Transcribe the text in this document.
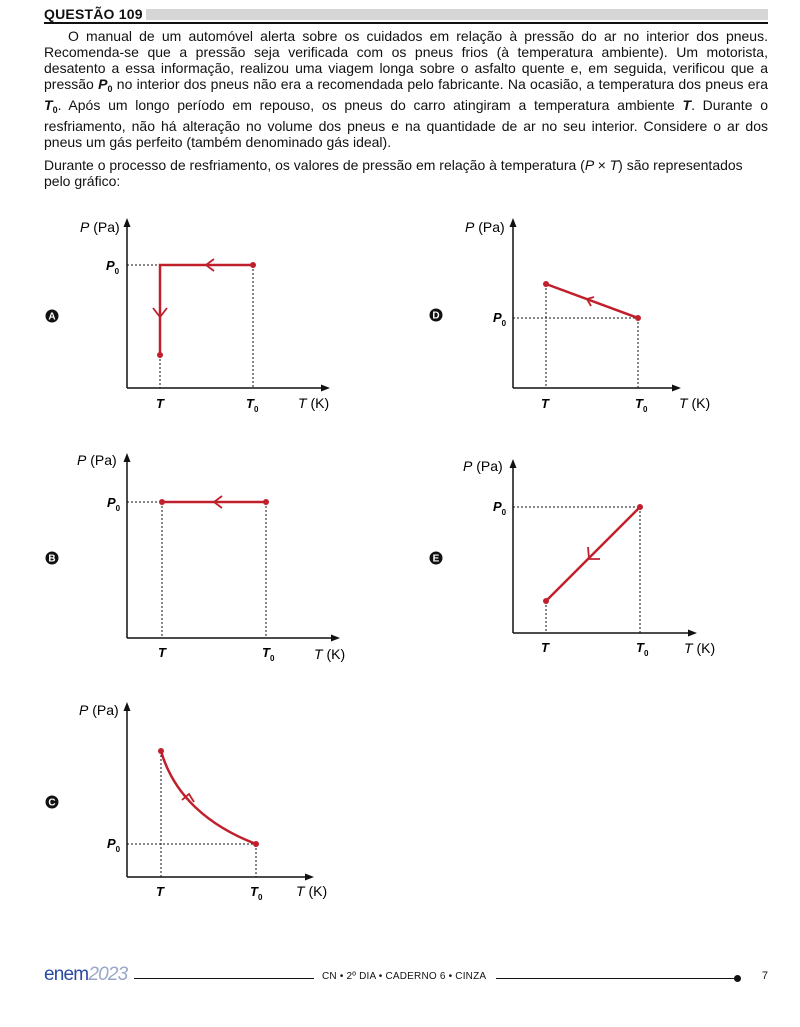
QUESTÃO 109

O manual de um automóvel alerta sobre os cuidados em relação à pressão do ar no interior dos pneus. Recomenda-se que a pressão seja verificada com os pneus frios (à temperatura ambiente). Um motorista, desatento a essa informação, realizou uma viagem longa sobre o asfalto quente e, em seguida, verificou que a pressão $P_0$ no interior dos pneus não era a recomendada pelo fabricante. Na ocasião, a temperatura dos pneus era $T_0$. Após um longo período em repouso, os pneus do carro atingiram a temperatura ambiente T. Durante o resfriamento, não há alteração no volume dos pneus e na quantidade de ar no seu interior. Considere o ar dos pneus um gás perfeito (também denominado gás ideal).

Durante o processo de resfriamento, os valores de pressão em relação à temperatura (P × T) são representados pelo gráfico:
A
P (Pa)
$P_0$
T	$T_0$	T (K)
D
P (Pa)
$P_0$
T	$T_0$ T (K)
B
P (Pa)
$P_0$
T	$T_0$	T (K)
E
P (Pa)
$P_0$
T	$T_0$	T (K)
C
P (Pa)
$P_0$
T	$T_0$ T (K)
enem2023	CN • 2º DIA • CADERNO 6 • CINZA	7
